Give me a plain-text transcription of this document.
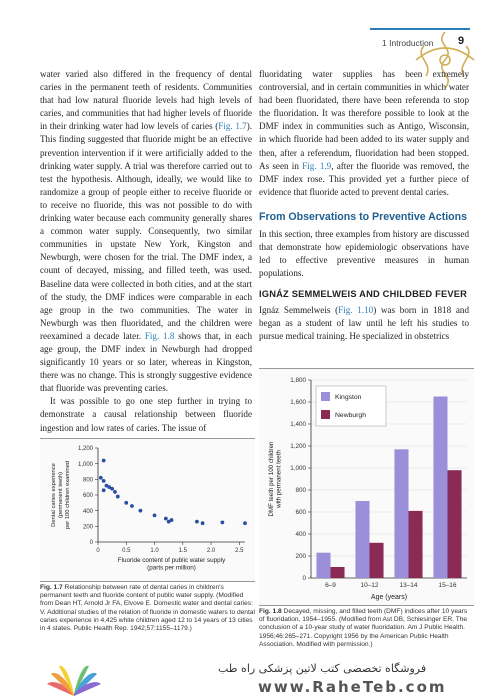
1 Introduction 9

water varied also differed in the frequency of dental caries in the permanent teeth of residents. Communities that had low natural fluoride levels had high levels of caries, and communities that had higher levels of fluoride in their drinking water had low levels of caries (Fig. 1.7). This finding suggested that fluoride might be an effective prevention intervention if it were artificially added to the drinking water supply. A trial was therefore carried out to test the hypothesis. Although, ideally, we would like to randomize a group of people either to receive fluoride or to receive no fluoride, this was not possible to do with drinking water because each community generally shares a common water supply. Consequently, two similar communities in upstate New York, Kingston and Newburgh, were chosen for the trial. The DMF index, a count of decayed, missing, and filled teeth, was used. Baseline data were collected in both cities, and at the start of the study, the DMF indices were comparable in each age group in the two communities. The water in Newburgh was then fluoridated, and the children were reexamined a decade later. Fig. 1.8 shows that, in each age group, the DMF index in Newburgh had dropped significantly 10 years or so later, whereas in Kingston, there was no change. This is strongly suggestive evidence that fluoride was preventing caries.

It was possible to go one step further in trying to demonstrate a causal relationship between fluoride ingestion and low rates of caries. The issue of

fluoridating water supplies has been extremely controversial, and in certain communities in which water had been fluoridated, there have been referenda to stop the fluoridation. It was therefore possible to look at the DMF index in communities such as Antigo, Wisconsin, in which fluoride had been added to its water supply and then, after a referendum, fluoridation had been stopped. As seen in Fig. 1.9, after the fluoride was removed, the DMF index rose. This provided yet a further piece of evidence that fluoride acted to prevent dental caries.

From Observations to Preventive Actions

In this section, three examples from history are discussed that demonstrate how epidemiologic observations have led to effective preventive measures in human populations.

IGNÁZ SEMMELWEIS AND CHILDBED FEVER

Ignáz Semmelweis (Fig. 1.10) was born in 1818 and began as a student of law until he left his studies to pursue medical training. He specialized in obstetrics

0
200
400
600
800
1,000
1,200
0	0.5	1.0	1.5	2.0	2.5
Fluoride content of public water supply (parts per million)
Dental caries experience(permanent teeth)per 100 children examined
Fig. 1.7 Relationship between rate of dental caries in children's permanent teeth and fluoride content of public water supply. (Modified from Dean HT, Arnold Jr FA, Elvove E. Domestic water and dental caries: V. Additional studies of the relation of fluoride in domestic waters to dental caries experience in 4,425 white children aged 12 to 14 years of 13 cities in 4 states. Public Health Rep. 1942;57:1155–1179.)
0
200
400
600
800
1,000
1,200
1,400
1,600
1,800
6–9	10–12	13–14	15–16
Age (years)
DMF teeth per 100 childrenwith permanent teeth
Kingston
Newburgh
Fig. 1.8 Decayed, missing, and filled teeth (DMF) indices after 10 years of fluoridation, 1954–1955. (Modified from Ast DB, Schlesinger ER. The conclusion of a 10-year study of water fluoridation. Am J Public Health. 1956;46:265–271. Copyright 1956 by the American Public Health Association. Modified with permission.)
فروشگاه تخصصی کتب لاتین پزشکی راه طب
www.RaheTeb.com
